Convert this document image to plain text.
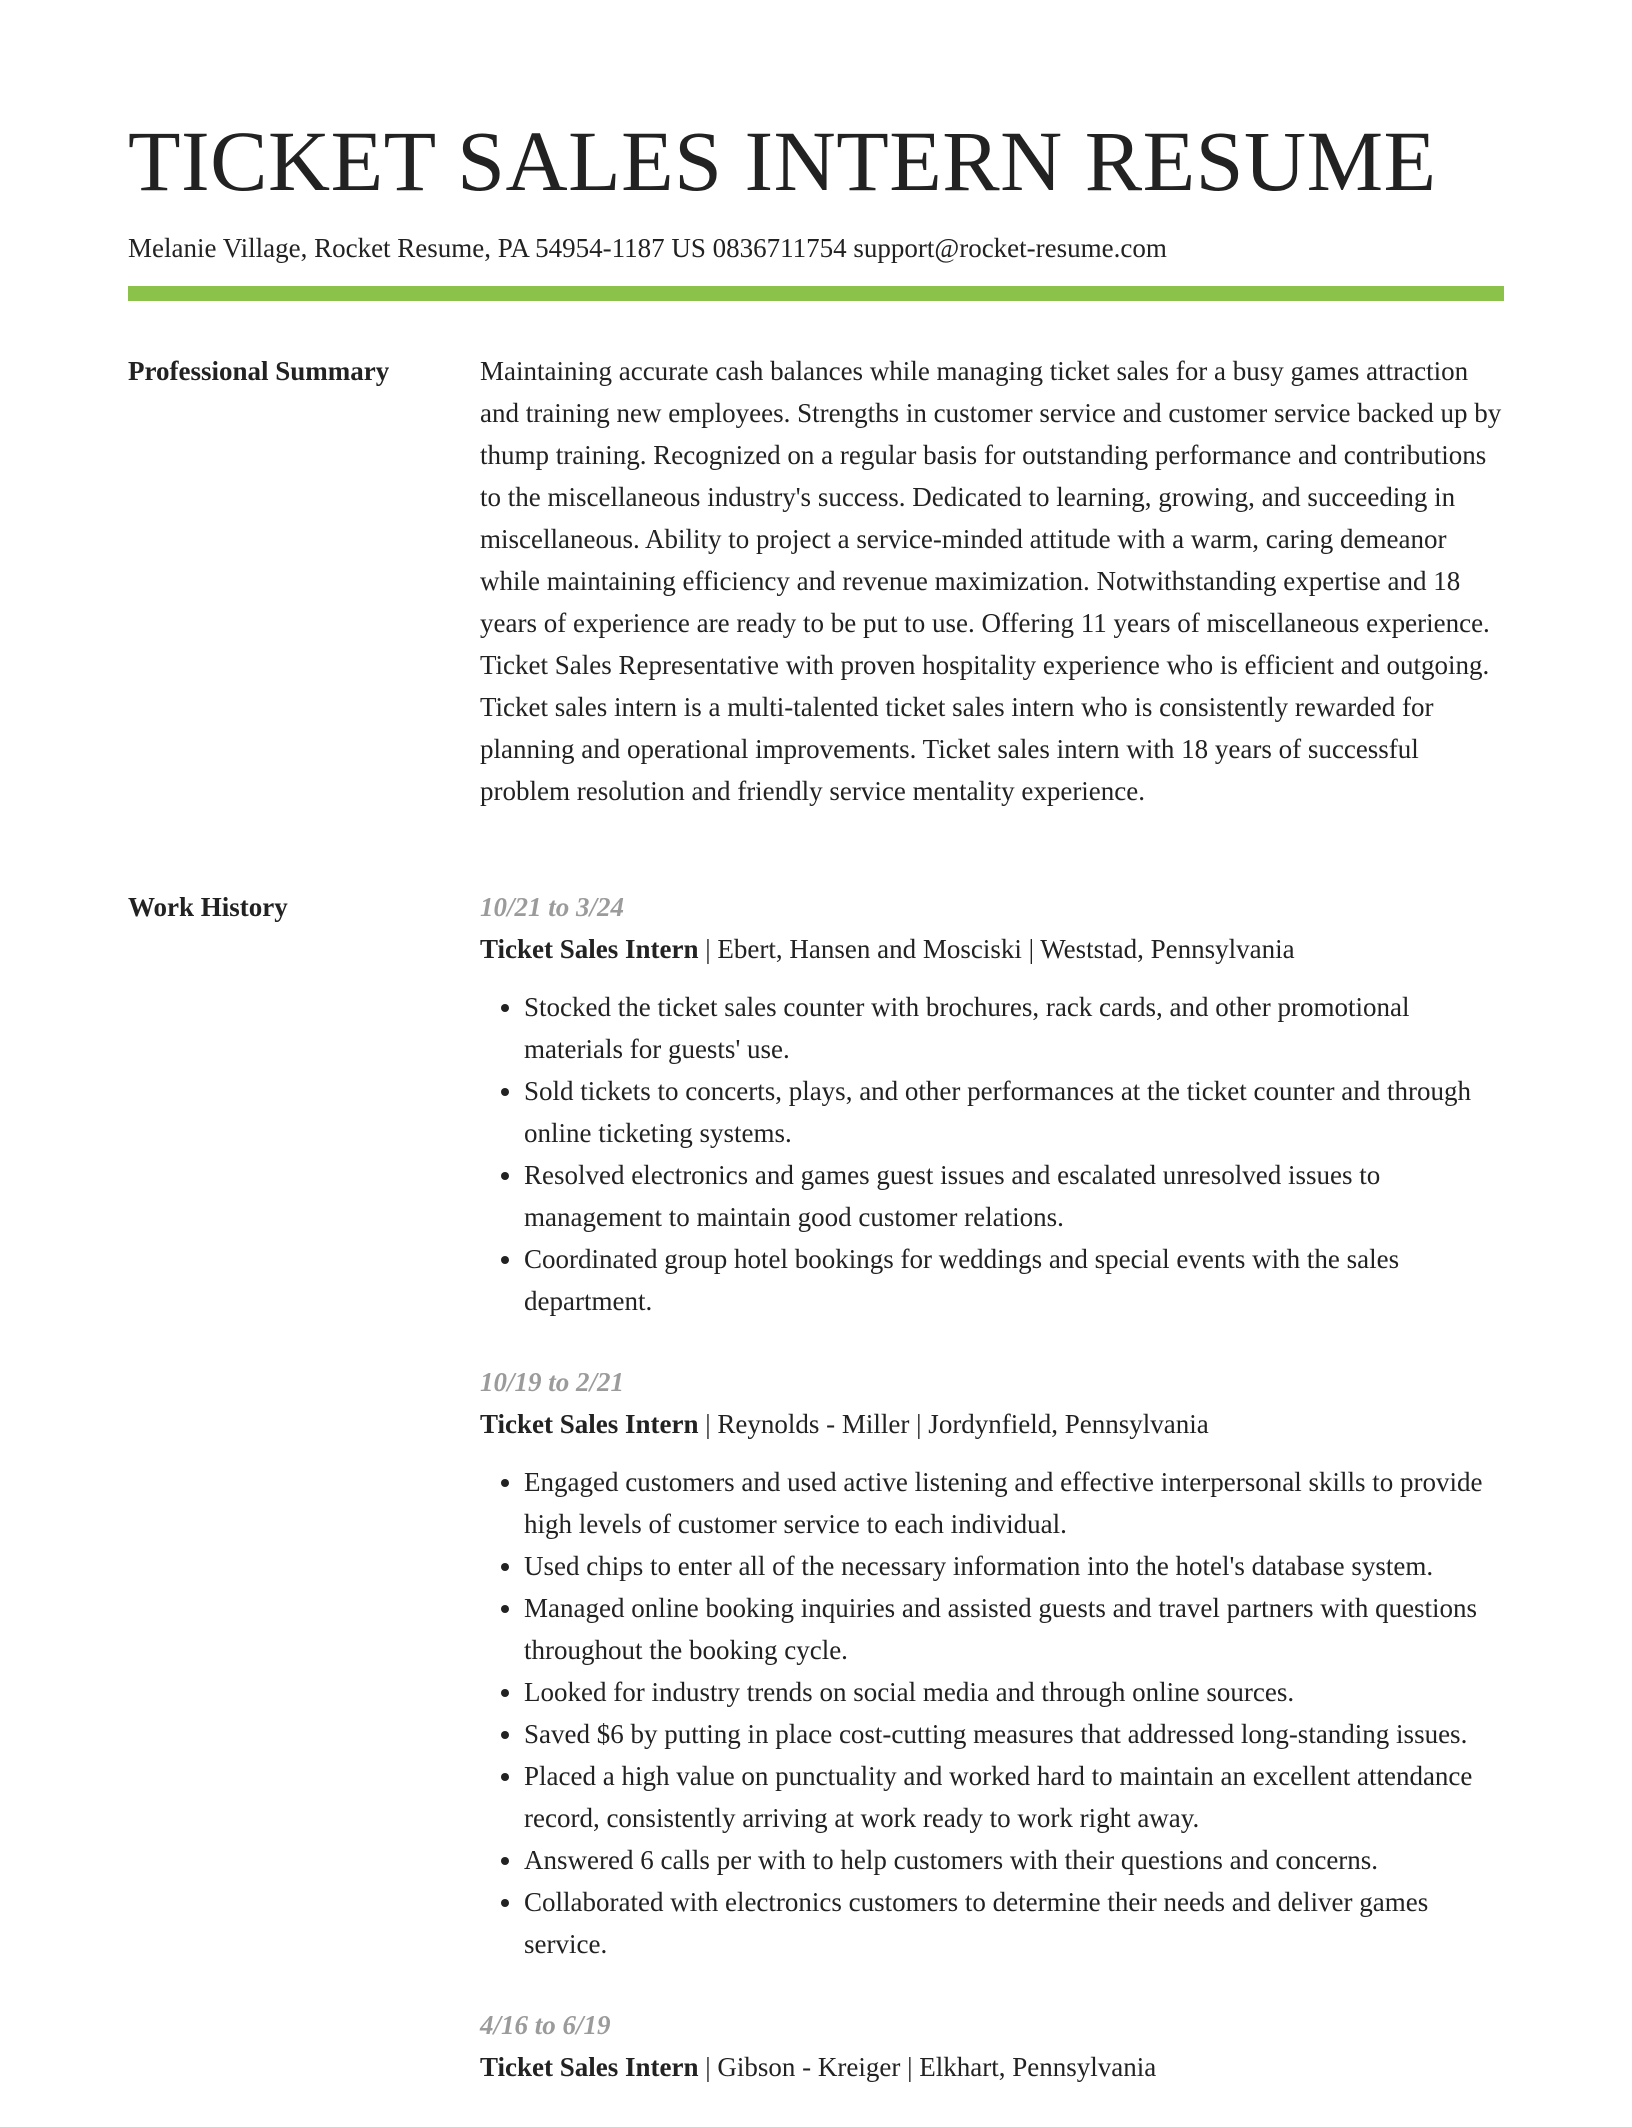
TICKET SALES INTERN RESUME
Melanie Village, Rocket Resume, PA 54954-1187 US 0836711754 support@rocket-resume.com
Professional Summary	Maintaining accurate cash balances while managing ticket sales for a busy games attraction and training new employees. Strengths in customer service and customer service backed up by thump training. Recognized on a regular basis for outstanding performance and contributions to the miscellaneous industry's success. Dedicated to learning, growing, and succeeding in miscellaneous. Ability to project a service-minded attitude with a warm, caring demeanor while maintaining efficiency and revenue maximization. Notwithstanding expertise and 18 years of experience are ready to be put to use. Offering 11 years of miscellaneous experience. Ticket Sales Representative with proven hospitality experience who is efficient and outgoing. Ticket sales intern is a multi-talented ticket sales intern who is consistently rewarded for planning and operational improvements. Ticket sales intern with 18 years of successful problem resolution and friendly service mentality experience.

Work History	10/21 to 3/24
Ticket Sales Intern | Ebert, Hansen and Mosciski | Weststad, Pennsylvania
• Stocked the ticket sales counter with brochures, rack cards, and other promotional materials for guests' use.
• Sold tickets to concerts, plays, and other performances at the ticket counter and through online ticketing systems.
• Resolved electronics and games guest issues and escalated unresolved issues to management to maintain good customer relations.
• Coordinated group hotel bookings for weddings and special events with the sales department.
10/19 to 2/21
Ticket Sales Intern | Reynolds - Miller | Jordynfield, Pennsylvania
• Engaged customers and used active listening and effective interpersonal skills to provide high levels of customer service to each individual.
• Used chips to enter all of the necessary information into the hotel's database system.
• Managed online booking inquiries and assisted guests and travel partners with questions throughout the booking cycle.
• Looked for industry trends on social media and through online sources.
• Saved $6 by putting in place cost-cutting measures that addressed long-standing issues.
• Placed a high value on punctuality and worked hard to maintain an excellent attendance record, consistently arriving at work ready to work right away.
• Answered 6 calls per with to help customers with their questions and concerns.
• Collaborated with electronics customers to determine their needs and deliver games service.
4/16 to 6/19
Ticket Sales Intern | Gibson - Kreiger | Elkhart, Pennsylvania
